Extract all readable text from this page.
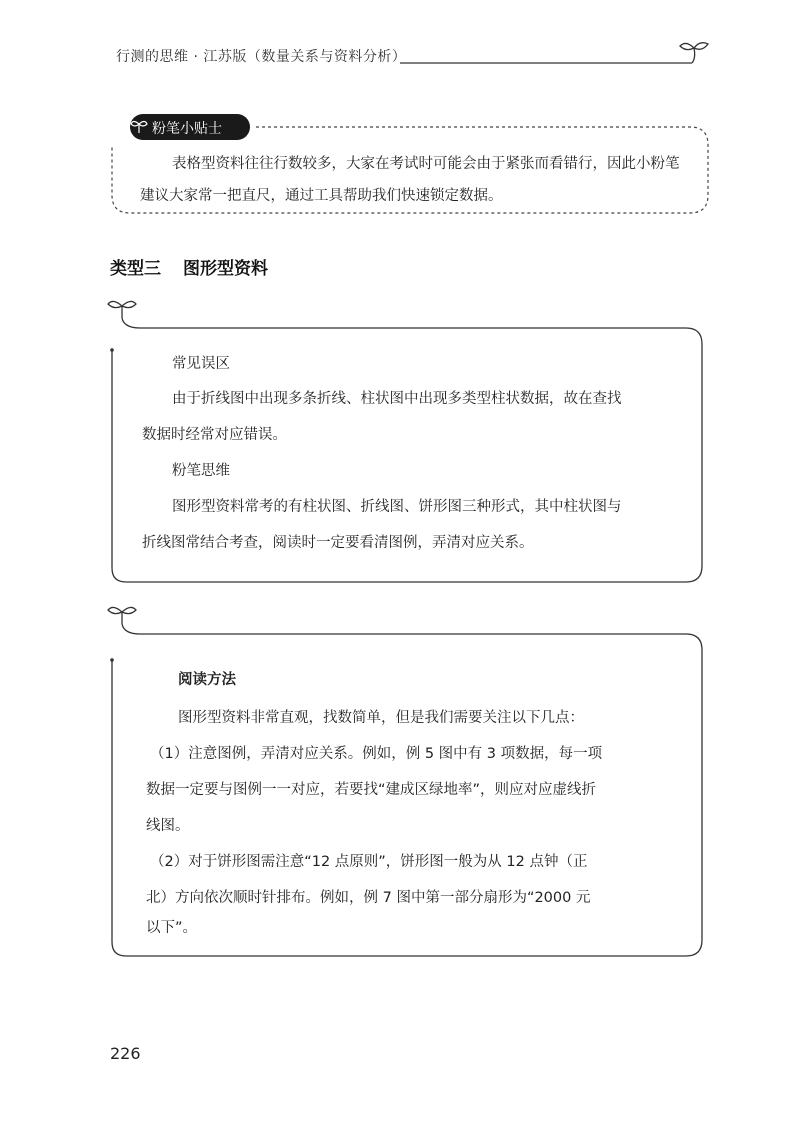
行测的思维 · 江苏版（数量关系与资料分析）
粉笔小贴士
表格型资料往往行数较多，大家在考试时可能会由于紧张而看错行，因此小粉笔建议大家常一把直尺，通过工具帮助我们快速锁定数据。
类型三 图形型资料
常见误区
由于折线图中出现多条折线、柱状图中出现多类型柱状数据，故在查找
数据时经常对应错误。
粉笔思维
图形型资料常考的有柱状图、折线图、饼形图三种形式，其中柱状图与
折线图常结合考查，阅读时一定要看清图例，弄清对应关系。
阅读方法
图形型资料非常直观，找数简单，但是我们需要关注以下几点：
（1）注意图例，弄清对应关系。例如，例 5 图中有 3 项数据，每一项
数据一定要与图例一一对应，若要找“建成区绿地率”，则应对应虚线折
线图。
（2）对于饼形图需注意“12 点原则”，饼形图一般为从 12 点钟（正
北）方向依次顺时针排布。例如，例 7 图中第一部分扇形为“2000 元
以下”。
226
